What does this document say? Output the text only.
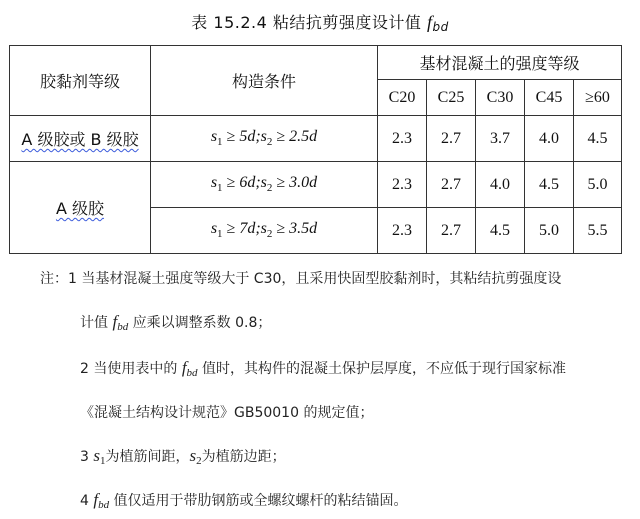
表 15.2.4 粘结抗剪强度设计值 $f_{bd}$
胶黏剂等级	构造条件	基材混凝土的强度等级				
		C20	C25	C30	C45	≥60
A 级胶或 B 级胶	$s_1$ ≥ $5d;s_2 \ge 2.5d$	2.3	2.7	3.7	4.0	4.5
A 级胶	$s_1$ ≥ $6d;s_2 \ge 3.0d$	2.3	2.7	4.0	4.5	5.0
	$s_1$ ≥ $7d;s_2 \ge 3.5d$	2.3	2.7	4.5	5.0	5.5
注：1 当基材混凝土强度等级大于 C30，且采用快固型胶黏剂时，其粘结抗剪强度设
计值 $f_{bd}$ 应乘以调整系数 0.8；
2 当使用表中的 $f_{bd}$ 值时，其构件的混凝土保护层厚度，不应低于现行国家标准
《混凝土结构设计规范》GB50010 的规定值；
3 $s_1$为植筋间距，$s_2$为植筋边距；
4 $f_{bd}$ 值仅适用于带肋钢筋或全螺纹螺杆的粘结锚固。
